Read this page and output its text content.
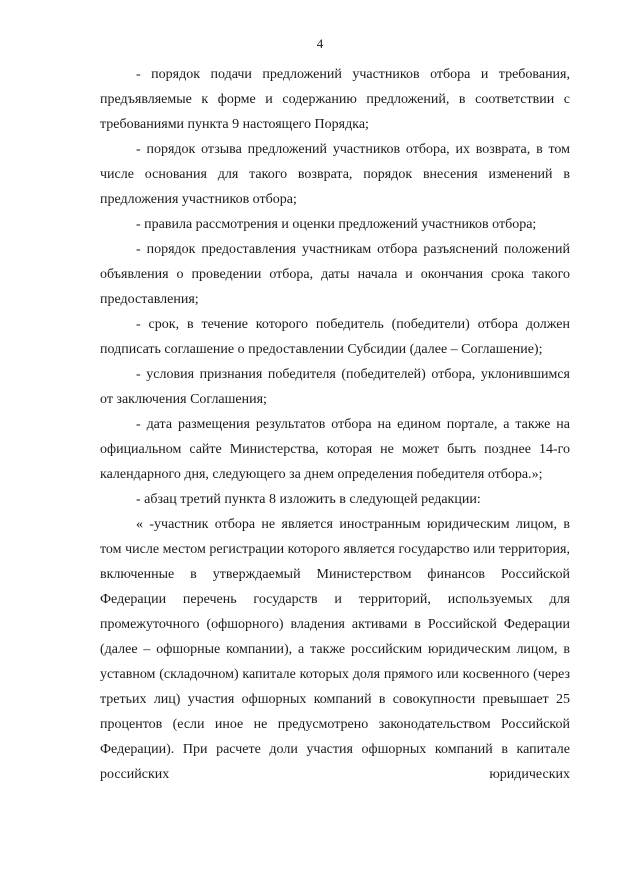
4

- порядок подачи предложений участников отбора и требования, предъявляемые к форме и содержанию предложений, в соответствии с требованиями пункта 9 настоящего Порядка;

- порядок отзыва предложений участников отбора, их возврата, в том числе основания для такого возврата, порядок внесения изменений в предложения участников отбора;

- правила рассмотрения и оценки предложений участников отбора;

- порядок предоставления участникам отбора разъяснений положений объявления о проведении отбора, даты начала и окончания срока такого предоставления;

- срок, в течение которого победитель (победители) отбора должен подписать соглашение о предоставлении Субсидии (далее – Соглашение);

- условия признания победителя (победителей) отбора, уклонившимся от заключения Соглашения;

- дата размещения результатов отбора на едином портале, а также на официальном сайте Министерства, которая не может быть позднее 14-го календарного дня, следующего за днем определения победителя отбора.»;

- абзац третий пункта 8 изложить в следующей редакции:

« -участник отбора не является иностранным юридическим лицом, в том числе местом регистрации которого является государство или территория, включенные в утверждаемый Министерством финансов Российской Федерации перечень государств и территорий, используемых для промежуточного (офшорного) владения активами в Российской Федерации (далее – офшорные компании), а также российским юридическим лицом, в уставном (складочном) капитале которых доля прямого или косвенного (через третьих лиц) участия офшорных компаний в совокупности превышает 25 процентов (если иное не предусмотрено законодательством Российской Федерации). При расчете доли участия офшорных компаний в капитале российских юридических
